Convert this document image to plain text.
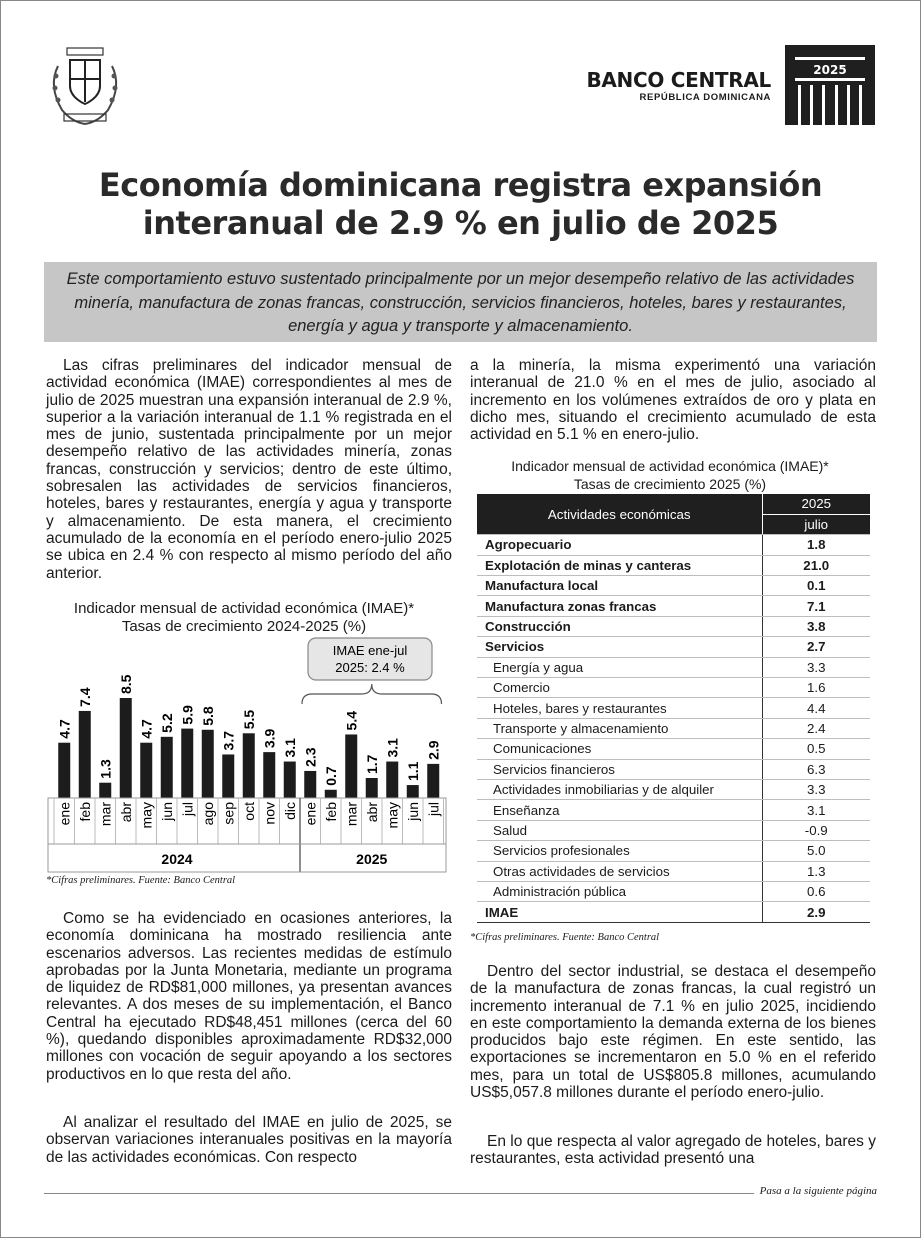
BANCO CENTRAL
REPÚBLICA DOMINICANA
2025
Economía dominicana registra expansión
interanual de 2.9 % en julio de 2025
Este comportamiento estuvo sustentado principalmente por un mejor desempeño relativo de las actividades minería, manufactura de zonas francas, construcción, servicios financieros, hoteles, bares y restaurantes, energía y agua y transporte y almacenamiento.

Las cifras preliminares del indicador mensual de actividad económica (IMAE) correspondientes al mes de julio de 2025 muestran una expansión interanual de 2.9 %, superior a la variación interanual de 1.1 % registrada en el mes de junio, sustentada principalmente por un mejor desempeño relativo de las actividades minería, zonas francas, construcción y servicios; dentro de este último, sobresalen las actividades de servicios financieros, hoteles, bares y restaurantes, energía y agua y transporte y almacenamiento. De esta manera, el crecimiento acumulado de la economía en el período enero-julio 2025 se ubica en 2.4 % con respecto al mismo período del año anterior.

Indicador mensual de actividad económica (IMAE)*
Tasas de crecimiento 2024-2025 (%)
4.7
ene
7.4
feb
1.3
mar
8.5
abr
4.7
may
5.2
jun
5.9
jul
5.8
ago
3.7
sep
5.5
oct
3.9
nov
3.1
dic
2.3
ene
0.7
feb
5.4
mar
1.7
abr
3.1
may
1.1
jun
2.9
jul
2024	2025
IMAE ene-jul
2025: 2.4 %
*Cifras preliminares. Fuente: Banco Central

Como se ha evidenciado en ocasiones anteriores, la economía dominicana ha mostrado resiliencia ante escenarios adversos. Las recientes medidas de estímulo aprobadas por la Junta Monetaria, mediante un programa de liquidez de RD$81,000 millones, ya presentan avances relevantes. A dos meses de su implementación, el Banco Central ha ejecutado RD$48,451 millones (cerca del 60 %), quedando disponibles aproximadamente RD$32,000 millones con vocación de seguir apoyando a los sectores productivos en lo que resta del año.

Al analizar el resultado del IMAE en julio de 2025, se observan variaciones interanuales positivas en la mayoría de las actividades económicas. Con respecto

a la minería, la misma experimentó una variación interanual de 21.0 % en el mes de julio, asociado al incremento en los volúmenes extraídos de oro y plata en dicho mes, situando el crecimiento acumulado de esta actividad en 5.1 % en enero-julio.

Indicador mensual de actividad económica (IMAE)*
Tasas de crecimiento 2025 (%)
Actividades económicas	2025
	julio
Agropecuario	1.8
Explotación de minas y canteras	21.0
Manufactura local	0.1
Manufactura zonas francas	7.1
Construcción	3.8
Servicios	2.7
Energía y agua	3.3
Comercio	1.6
Hoteles, bares y restaurantes	4.4
Transporte y almacenamiento	2.4
Comunicaciones	0.5
Servicios financieros	6.3
Actividades inmobiliarias y de alquiler	3.3
Enseñanza	3.1
Salud	-0.9
Servicios profesionales	5.0
Otras actividades de servicios	1.3
Administración pública	0.6
IMAE	2.9
*Cifras preliminares. Fuente: Banco Central

Dentro del sector industrial, se destaca el desempeño de la manufactura de zonas francas, la cual registró un incremento interanual de 7.1 % en julio 2025, incidiendo en este comportamiento la demanda externa de los bienes producidos bajo este régimen. En este sentido, las exportaciones se incrementaron en 5.0 % en el referido mes, para un total de US$805.8 millones, acumulando US$5,057.8 millones durante el período enero-julio.

En lo que respecta al valor agregado de hoteles, bares y restaurantes, esta actividad presentó una

Pasa a la siguiente página
